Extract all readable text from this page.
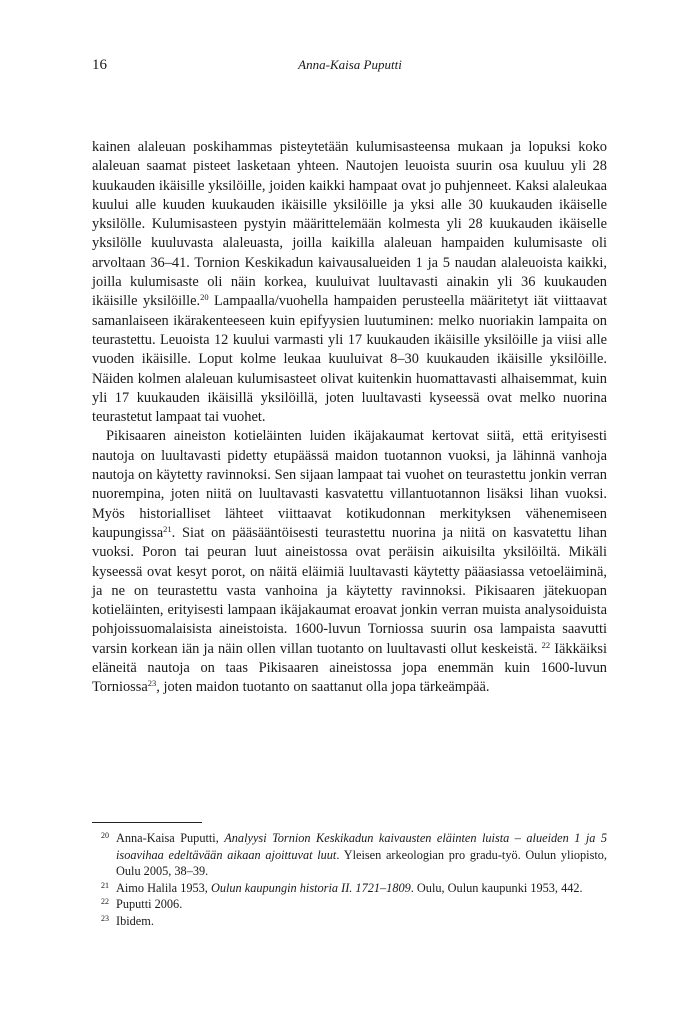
16	Anna-Kaisa Puputti

kainen alaleuan poskihammas pisteytetään kulumisasteensa mukaan ja lopuksi koko alaleuan saamat pisteet lasketaan yhteen. Nautojen leuoista suurin osa kuuluu yli 28 kuukauden ikäisille yksilöille, joiden kaikki hampaat ovat jo puhjenneet. Kaksi alaleukaa kuului alle kuuden kuukauden ikäisille yksilöille ja yksi alle 30 kuukauden ikäiselle yksilölle. Kulumisasteen pystyin määrittelemään kolmesta yli 28 kuukauden ikäiselle yksilölle kuuluvasta alaleuasta, joilla kaikilla alaleuan hampaiden kulumisaste oli arvoltaan 36–41. Tornion Keskikadun kaivausalueiden 1 ja 5 naudan alaleuoista kaikki, joilla kulumisaste oli näin korkea, kuuluivat luultavasti ainakin yli 36 kuukauden ikäisille yksilöille.$^{20}$ Lampaalla/vuohella hampaiden perusteella määritetyt iät viittaavat samanlaiseen ikärakenteeseen kuin epifyysien luutuminen: melko nuoriakin lampaita on teurastettu. Leuoista 12 kuului varmasti yli 17 kuukauden ikäisille yksilöille ja viisi alle vuoden ikäisille. Loput kolme leukaa kuuluivat 8–30 kuukauden ikäisille yksilöille. Näiden kolmen alaleuan kulumisasteet olivat kuitenkin huomattavasti alhaisemmat, kuin yli 17 kuukauden ikäisillä yksilöillä, joten luultavasti kyseessä ovat melko nuorina teurastetut lampaat tai vuohet.

Pikisaaren aineiston kotieläinten luiden ikäjakaumat kertovat siitä, että erityisesti nautoja on luultavasti pidetty etupäässä maidon tuotannon vuoksi, ja lähinnä vanhoja nautoja on käytetty ravinnoksi. Sen sijaan lampaat tai vuohet on teurastettu jonkin verran nuorempina, joten niitä on luultavasti kasvatettu villantuotannon lisäksi lihan vuoksi. Myös historialliset lähteet viittaavat kotikudonnan merkityksen vähenemiseen kaupungissa$^{21}$. Siat on pääsääntöisesti teurastettu nuorina ja niitä on kasvatettu lihan vuoksi. Poron tai peuran luut aineistossa ovat peräisin aikuisilta yksilöiltä. Mikäli kyseessä ovat kesyt porot, on näitä eläimiä luultavasti käytetty pääasiassa vetoeläiminä, ja ne on teurastettu vasta vanhoina ja käytetty ravinnoksi. Pikisaaren jätekuopan kotieläinten, erityisesti lampaan ikäjakaumat eroavat jonkin verran muista analysoiduista pohjoissuomalaisista aineistoista. 1600-luvun Torniossa suurin osa lampaista saavutti varsin korkean iän ja näin ollen villan tuotanto on luultavasti ollut keskeistä. $^{22}$ Iäkkäiksi eläneitä nautoja on taas Pikisaaren aineistossa jopa enemmän kuin 1600-luvun Torniossa$^{23}$, joten maidon tuotanto on saattanut olla jopa tärkeämpää.

$^{20}$ Anna-Kaisa Puputti, Analyysi Tornion Keskikadun kaivausten eläinten luista – alueiden 1 ja 5 isoavihaa edeltävään aikaan ajoittuvat luut. Yleisen arkeologian pro gradu-työ. Oulun yliopisto, Oulu 2005, 38–39.
$^{21}$ Aimo Halila 1953, Oulun kaupungin historia II. 1721–1809. Oulu, Oulun kaupunki 1953, 442.
$^{22}$ Puputti 2006.
$^{23}$ Ibidem.
